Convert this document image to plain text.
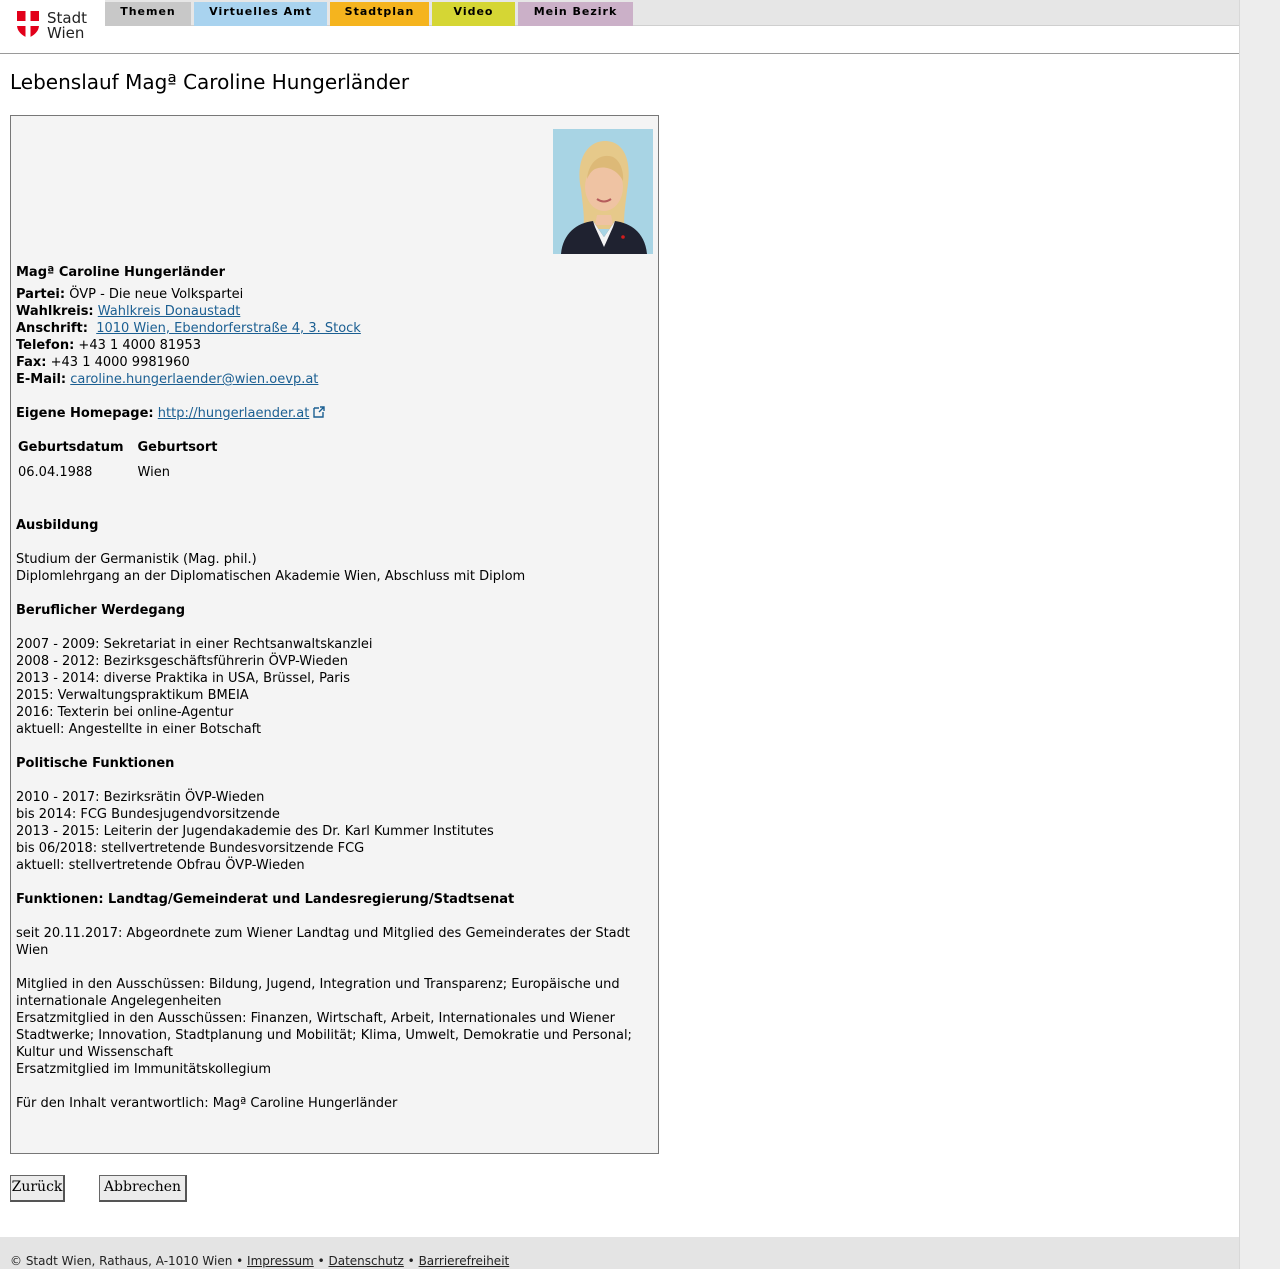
Stadt
Wien
Themen	Virtuelles Amt	Stadtplan	Video	Mein Bezirk
Lebenslauf Magª Caroline Hungerländer
Magª Caroline Hungerländer
Partei: ÖVP - Die neue Volkspartei
Wahlkreis: Wahlkreis Donaustadt
Anschrift: 1010 Wien, Ebendorferstraße 4, 3. Stock
Telefon: +43 1 4000 81953
Fax: +43 1 4000 9981960
E-Mail: caroline.hungerlaender@wien.oevp.at
Eigene Homepage: http://hungerlaender.at
Geburtsdatum	Geburtsort
06.04.1988	Wien
Ausbildung
Studium der Germanistik (Mag. phil.)
Diplomlehrgang an der Diplomatischen Akademie Wien, Abschluss mit Diplom
Beruflicher Werdegang
2007 - 2009: Sekretariat in einer Rechtsanwaltskanzlei
2008 - 2012: Bezirksgeschäftsführerin ÖVP-Wieden
2013 - 2014: diverse Praktika in USA, Brüssel, Paris
2015: Verwaltungspraktikum BMEIA
2016: Texterin bei online-Agentur
aktuell: Angestellte in einer Botschaft
Politische Funktionen
2010 - 2017: Bezirksrätin ÖVP-Wieden
bis 2014: FCG Bundesjugendvorsitzende
2013 - 2015: Leiterin der Jugendakademie des Dr. Karl Kummer Institutes
bis 06/2018: stellvertretende Bundesvorsitzende FCG
aktuell: stellvertretende Obfrau ÖVP-Wieden
Funktionen: Landtag/Gemeinderat und Landesregierung/Stadtsenat
seit 20.11.2017: Abgeordnete zum Wiener Landtag und Mitglied des Gemeinderates der Stadt Wien
Mitglied in den Ausschüssen: Bildung, Jugend, Integration und Transparenz; Europäische und internationale Angelegenheiten
Ersatzmitglied in den Ausschüssen: Finanzen, Wirtschaft, Arbeit, Internationales und Wiener Stadtwerke; Innovation, Stadtplanung und Mobilität; Klima, Umwelt, Demokratie und Personal; Kultur und Wissenschaft
Ersatzmitglied im Immunitätskollegium
Für den Inhalt verantwortlich: Magª Caroline Hungerländer
Zurück	Abbrechen
© Stadt Wien, Rathaus, A-1010 Wien • Impressum • Datenschutz • Barrierefreiheit
